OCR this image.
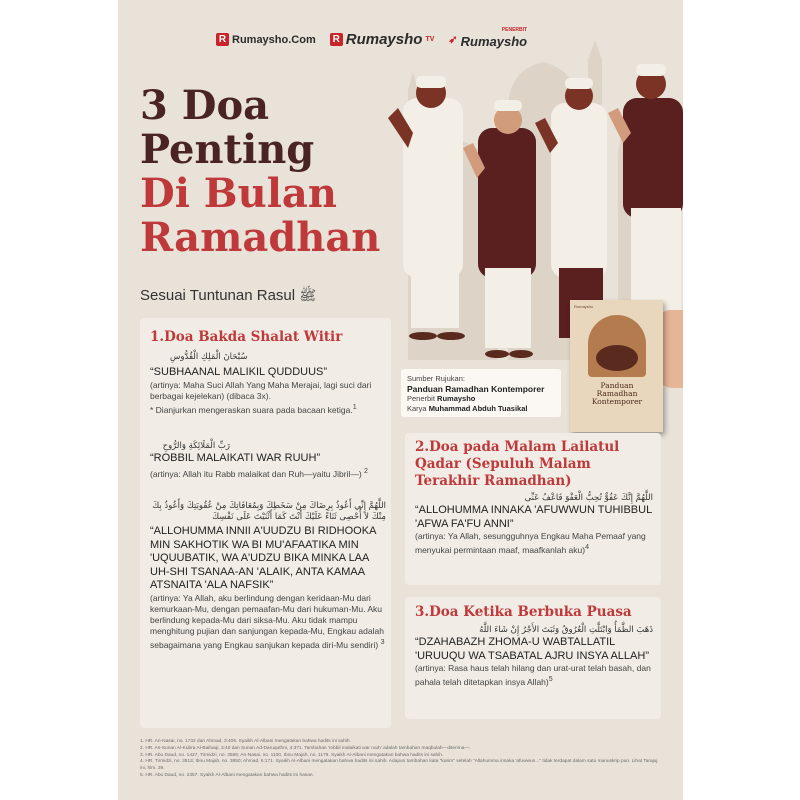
R Rumaysho.Com R Rumaysho TV ➶
PENERBIT
Rumaysho
3 Doa
Penting
Di Bulan
Ramadhan
Sesuai Tuntunan Rasul ﷺ
1.Doa Bakda Shalat Witir
سُبْحَانَ الْمَلِكِ الْقُدُّوسِ
“SUBHAANAL MALIKIL QUDDUUS”
(artinya: Maha Suci Allah Yang Maha Merajai, lagi suci dari berbagai kejelekan) (dibaca 3x).
* Dianjurkan mengeraskan suara pada bacaan ketiga.$^1$
رَبِّ الْمَلَائِكَةِ وَالرُّوحِ
“ROBBIL MALAIKATI WAR RUUH”
(artinya: Allah itu Rabb malaikat dan Ruh—yaitu Jibril—) $^2$
اللَّهُمَّ إِنِّي أَعُوذُ بِرِضَاكَ مِنْ سَخَطِكَ وَبِمُعَافَاتِكَ مِنْ عُقُوبَتِكَ وَأَعُوذُ بِكَ مِنْكَ لاَ أُحْصِى ثَنَاءً عَلَيْكَ أَنْتَ كَمَا أَثْنَيْتَ عَلَى نَفْسِكَ
“ALLOHUMMA INNII A'UUDZU BI RIDHOOKA MIN SAKHOTIK WA BI MU'AFAATIKA MIN 'UQUUBATIK, WA A'UDZU BIKA MINKA LAA UH-SHI TSANAA-AN 'ALAIK, ANTA KAMAA ATSNAITA 'ALA NAFSIK”
(artinya: Ya Allah, aku berlindung dengan keridaan-Mu dari kemurkaan-Mu, dengan pemaafan-Mu dari hukuman-Mu. Aku berlindung kepada-Mu dari siksa-Mu. Aku tidak mampu menghitung pujian dan sanjungan kepada-Mu, Engkau adalah sebagaimana yang Engkau sanjukan kepada diri-Mu sendiri) $^3$
Sumber Rujukan:
Panduan Ramadhan Kontemporer
Penerbit Rumaysho
Karya Muhammad Abduh Tuasikal
Rumaysho
Panduan
Ramadhan
Kontemporer
2.Doa pada Malam Lailatul Qadar (Sepuluh Malam Terakhir Ramadhan)
اللَّهُمَّ إِنَّكَ عَفُوٌّ تُحِبُّ الْعَفْوَ فَاعْفُ عَنِّى
“ALLOHUMMA INNAKA 'AFUWWUN TUHIBBUL 'AFWA FA'FU ANNI”
(artinya: Ya Allah, sesungguhnya Engkau Maha Pemaaf yang menyukai permintaan maaf, maafkanlah aku)$^4$
3.Doa Ketika Berbuka Puasa
ذَهَبَ الظَّمَأُ وَابْتَلَّتِ الْعُرُوقُ وَثَبَتَ الأَجْرُ إِنْ شَاءَ اللَّهُ
“DZAHABAZH ZHOMA-U WABTALLATIL 'URUUQU WA TSABATAL AJRU INSYA ALLAH”
(artinya: Rasa haus telah hilang dan urat-urat telah basah, dan pahala telah ditetapkan insya Allah)$^5$
1. HR. An-Nasai, no. 1732 dan Ahmad, 3:406. Syaikh Al-Albani mengatakan bahwa hadits ini sahih.
2. HR. As-Sunan Al-Kubra Al-Baihaqi, 3:40 dan Sunan Ad-Daruquthni, 4:371. Tambahan 'robbil malaikati war ruuh' adalah tambahan maqbulah—diterima—.
3. HR. Abu Daud, no. 1427, Tirmidzi, no. 3566; An-Nasai, no. 1100, Ibnu Majah, no. 1179. Syaikh Al-Albani mengatakan bahwa hadits ini sahih.
4. HR. Tirmidzi, no. 3513; Ibnu Majah, no. 3850; Ahmad, 6:171. Syaikh Al-Albani mengatakan bahwa hadits ini sahih. Adapun tambahan kata "karim" setelah "Allahumma innaka 'afuwwun..." tidak terdapat dalam satu manuskrip pun. Lihat Tarajuj ini, hlm. 39.
5. HR. Abu Daud, no. 2357. Syaikh Al-Albani mengatakan bahwa hadits ini hasan.
